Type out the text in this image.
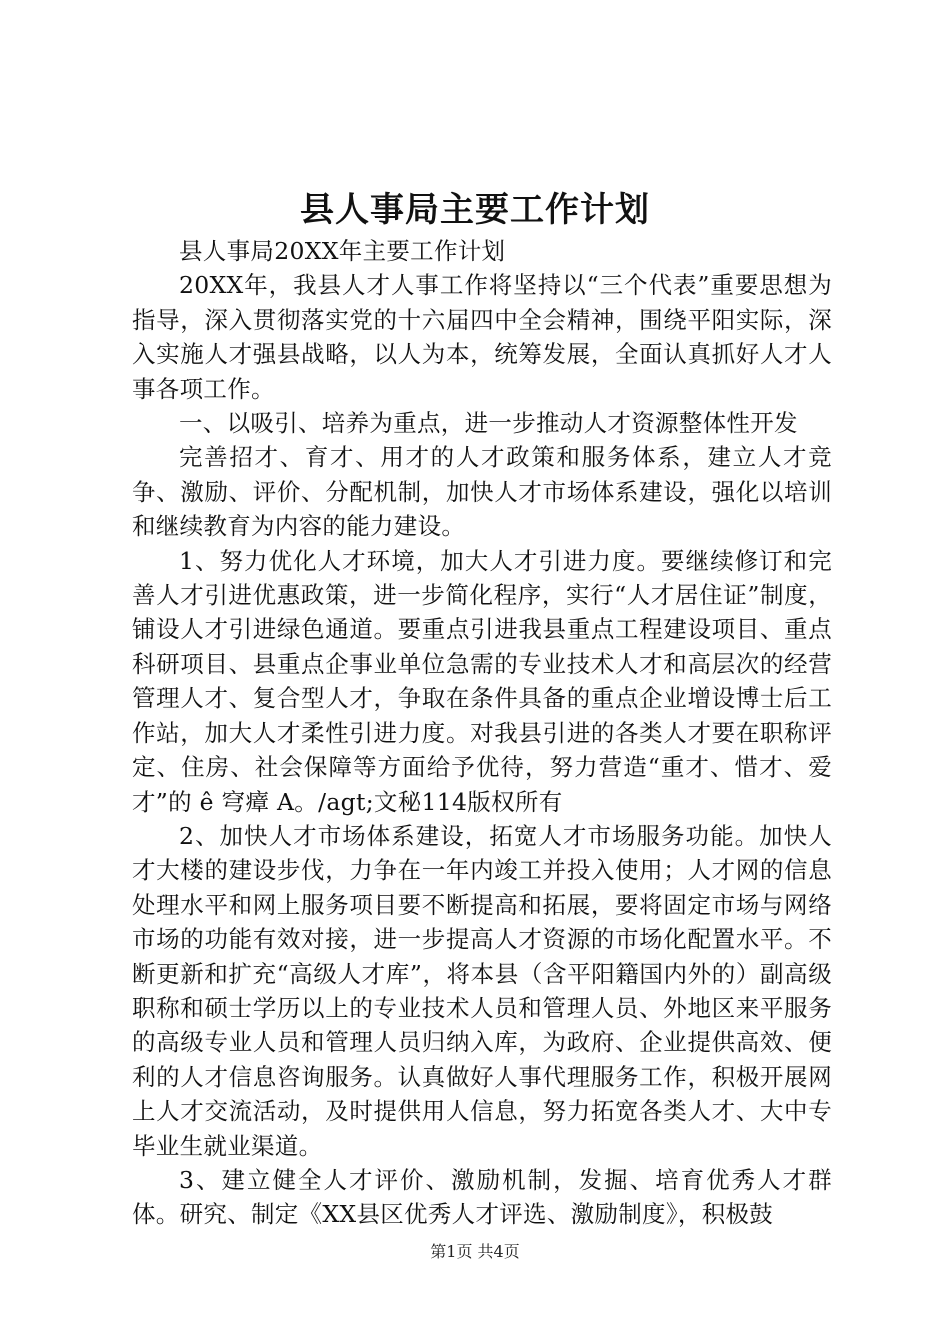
县人事局主要工作计划

县人事局20XX年主要工作计划

20XX年，我县人才人事工作将坚持以“三个代表”重要思想为指导，深入贯彻落实党的十六届四中全会精神，围绕平阳实际，深入实施人才强县战略，以人为本，统筹发展，全面认真抓好人才人事各项工作。

一、以吸引、培养为重点，进一步推动人才资源整体性开发

完善招才、育才、用才的人才政策和服务体系，建立人才竞争、激励、评价、分配机制，加快人才市场体系建设，强化以培训和继续教育为内容的能力建设。

1、努力优化人才环境，加大人才引进力度。要继续修订和完善人才引进优惠政策，进一步简化程序，实行“人才居住证”制度，铺设人才引进绿色通道。要重点引进我县重点工程建设项目、重点科研项目、县重点企事业单位急需的专业技术人才和高层次的经营管理人才、复合型人才，争取在条件具备的重点企业增设博士后工作站，加大人才柔性引进力度。对我县引进的各类人才要在职称评定、住房、社会保障等方面给予优待，努力营造“重才、惜才、爱才”的 ê 穹瘴 A。/agt;文秘114版权所有

2、加快人才市场体系建设，拓宽人才市场服务功能。加快人才大楼的建设步伐，力争在一年内竣工并投入使用；人才网的信息处理水平和网上服务项目要不断提高和拓展，要将固定市场与网络市场的功能有效对接，进一步提高人才资源的市场化配置水平。不断更新和扩充“高级人才库”，将本县（含平阳籍国内外的）副高级职称和硕士学历以上的专业技术人员和管理人员、外地区来平服务的高级专业人员和管理人员归纳入库，为政府、企业提供高效、便利的人才信息咨询服务。认真做好人事代理服务工作，积极开展网上人才交流活动，及时提供用人信息，努力拓宽各类人才、大中专毕业生就业渠道。

3、建立健全人才评价、激励机制，发掘、培育优秀人才群体。研究、制定《XX县区优秀人才评选、激励制度》，积极鼓

第1页 共4页
